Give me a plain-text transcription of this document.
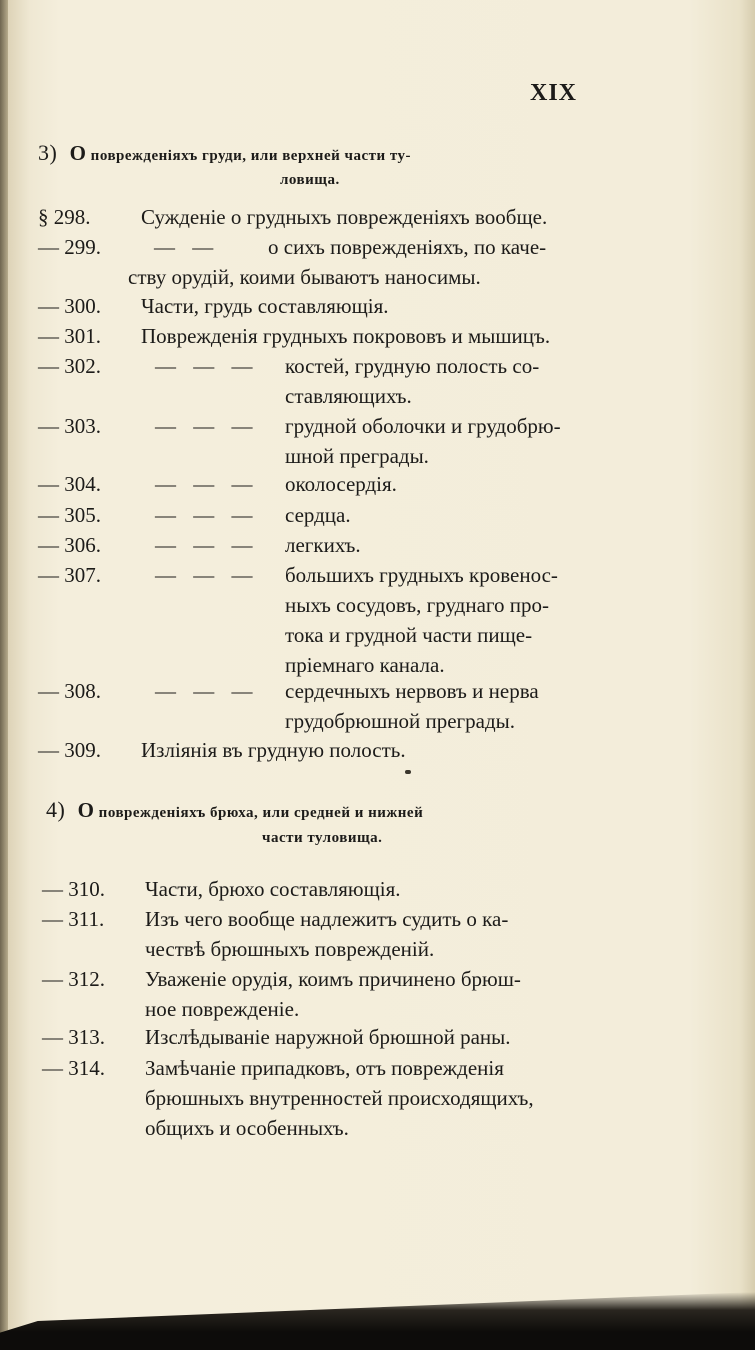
XIX
3) O поврежденіяхъ груди, или верхней части ту-
ловища.
§ 298. Сужденіе о грудныхъ поврежденіяхъ вообще.
— 299.	— — о сихъ поврежденіяхъ, по каче-
ству орудій, коими бываютъ наносимы.
— 300. Части, грудь составляющія.
— 301. Поврежденія грудныхъ покрововъ и мышицъ.
— 302.	— — — костей, грудную полость со-
ставляющихъ.
— 303.	— — — грудной оболочки и грудобрю-
шной преграды.
— 304.	— — — околосердія.
— 305.	— — — сердца.
— 306.	— — — легкихъ.
— 307.	— — — большихъ грудныхъ кровенос-
ныхъ сосудовъ, груднаго про-
тока и грудной части пище-
пріемнаго канала.
— 308.	— — — сердечныхъ нервовъ и нерва
грудобрюшной преграды.
— 309. Изліянія въ грудную полость.
4) O поврежденіяхъ брюха, или средней и нижней
части туловища.
— 310. Части, брюхо составляющія.
— 311. Изъ чего вообще надлежитъ судить о ка-
чествѣ брюшныхъ поврежденій.
— 312. Уваженіе орудія, коимъ причинено брюш-
ное поврежденіе.
— 313. Изслѣдываніе наружной брюшной раны.
— 314. Замѣчаніе припадковъ, отъ поврежденія
брюшныхъ внутренностей происходящихъ,
общихъ и особенныхъ.
